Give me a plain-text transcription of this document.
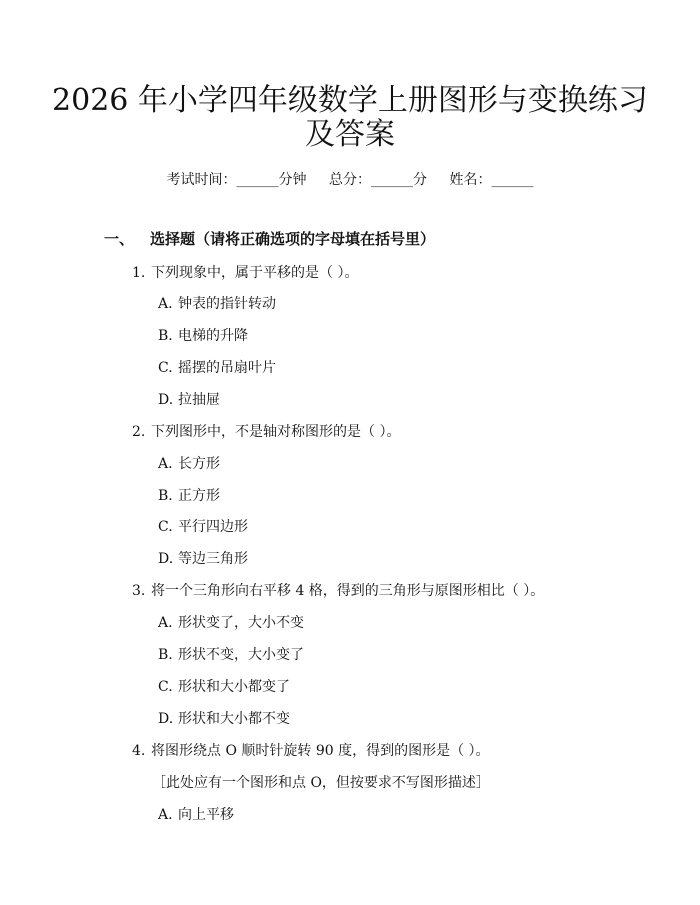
2026 年小学四年级数学上册图形与变换练习
及答案
考试时间：______分钟 总分：______分 姓名：______
一、 选择题（请将正确选项的字母填在括号里）
1. 下列现象中，属于平移的是（ ）。
A. 钟表的指针转动
B. 电梯的升降
C. 摇摆的吊扇叶片
D. 拉抽屉
2. 下列图形中，不是轴对称图形的是（ ）。
A. 长方形
B. 正方形
C. 平行四边形
D. 等边三角形
3. 将一个三角形向右平移 4 格，得到的三角形与原图形相比（ ）。
A. 形状变了，大小不变
B. 形状不变，大小变了
C. 形状和大小都变了
D. 形状和大小都不变
4. 将图形绕点 O 顺时针旋转 90 度，得到的图形是（ ）。
［此处应有一个图形和点 O，但按要求不写图形描述］
A. 向上平移
